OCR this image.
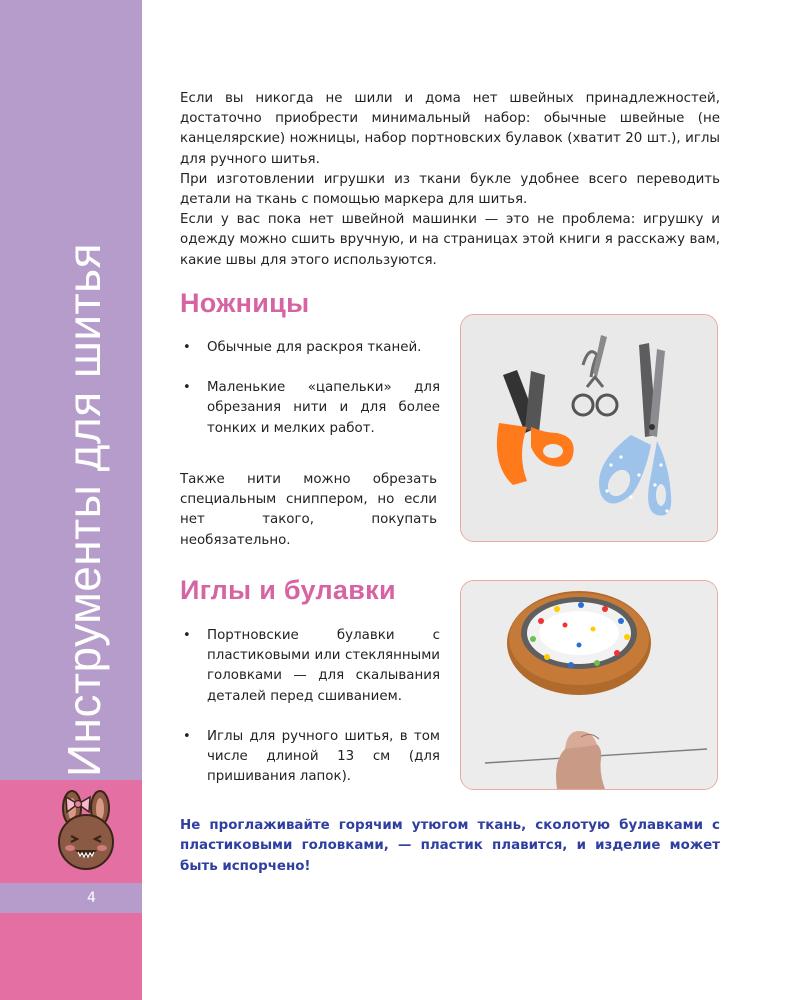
4
Инструменты для шитья

Если вы никогда не шили и дома нет швейных принадлежностей, достаточно приобрести минимальный набор: обычные швейные (не канцелярские) ножницы, набор портновских булавок (хватит 20 шт.), иглы для ручного шитья.

При изготовлении игрушки из ткани букле удобнее всего переводить детали на ткань с помощью маркера для шитья.

Если у вас пока нет швейной машинки — это не проблема: игрушку и одежду можно сшить вручную, и на страницах этой книги я расскажу вам, какие швы для этого используются.

Ножницы
• Обычные для раскроя тканей.
• Маленькие «цапельки» для обрезания нити и для более тонких и мелких работ.

Также нити можно обрезать специальным сниппером, но если нет такого, покупать необязательно.

Иглы и булавки
• Портновские булавки с пластиковыми или стеклянными головками — для скалывания деталей перед сшиванием.
• Иглы для ручного шитья, в том числе длиной 13 см (для пришивания лапок).

Не проглаживайте горячим утюгом ткань, сколотую булавками с пластиковыми головками, — пластик плавится, и изделие может быть испорчено!
